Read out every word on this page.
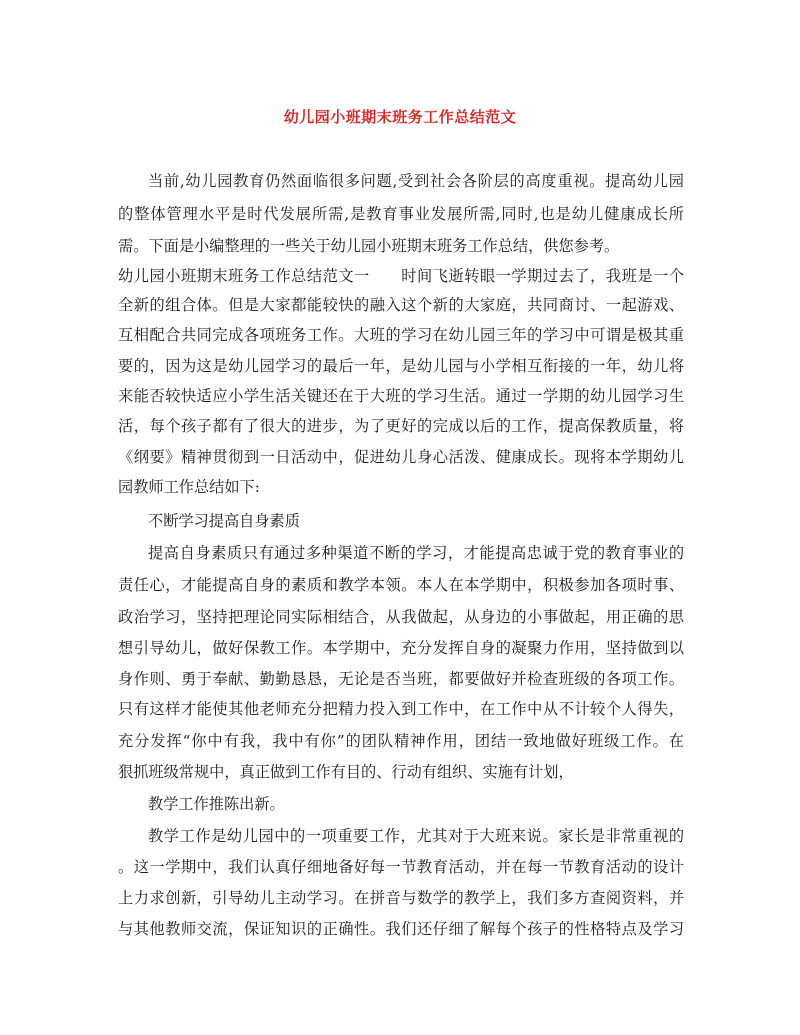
幼儿园小班期末班务工作总结范文
当前,幼儿园教育仍然面临很多问题,受到社会各阶层的高度重视。提高幼儿园
的整体管理水平是时代发展所需,是教育事业发展所需,同时,也是幼儿健康成长所
需。下面是小编整理的一些关于幼儿园小班期末班务工作总结，供您参考。
幼儿园小班期末班务工作总结范文一　　时间飞逝转眼一学期过去了，我班是一个
全新的组合体。但是大家都能较快的融入这个新的大家庭，共同商讨、一起游戏、
互相配合共同完成各项班务工作。大班的学习在幼儿园三年的学习中可谓是极其重
要的，因为这是幼儿园学习的最后一年，是幼儿园与小学相互衔接的一年，幼儿将
来能否较快适应小学生活关键还在于大班的学习生活。通过一学期的幼儿园学习生
活，每个孩子都有了很大的进步，为了更好的完成以后的工作，提高保教质量，将
《纲要》精神贯彻到一日活动中，促进幼儿身心活泼、健康成长。现将本学期幼儿
园教师工作总结如下:
不断学习提高自身素质
提高自身素质只有通过多种渠道不断的学习，才能提高忠诚于党的教育事业的
责任心，才能提高自身的素质和教学本领。本人在本学期中，积极参加各项时事、
政治学习，坚持把理论同实际相结合，从我做起，从身边的小事做起，用正确的思
想引导幼儿，做好保教工作。本学期中，充分发挥自身的凝聚力作用，坚持做到以
身作则、勇于奉献、勤勤恳恳，无论是否当班，都要做好并检查班级的各项工作。
只有这样才能使其他老师充分把精力投入到工作中，在工作中从不计较个人得失，
充分发挥“你中有我，我中有你”的团队精神作用，团结一致地做好班级工作。在
狠抓班级常规中，真正做到工作有目的、行动有组织、实施有计划，
教学工作推陈出新。
教学工作是幼儿园中的一项重要工作，尤其对于大班来说。家长是非常重视的
。这一学期中，我们认真仔细地备好每一节教育活动，并在每一节教育活动的设计
上力求创新，引导幼儿主动学习。在拼音与数学的教学上，我们多方查阅资料，并
与其他教师交流，保证知识的正确性。我们还仔细了解每个孩子的性格特点及学习
